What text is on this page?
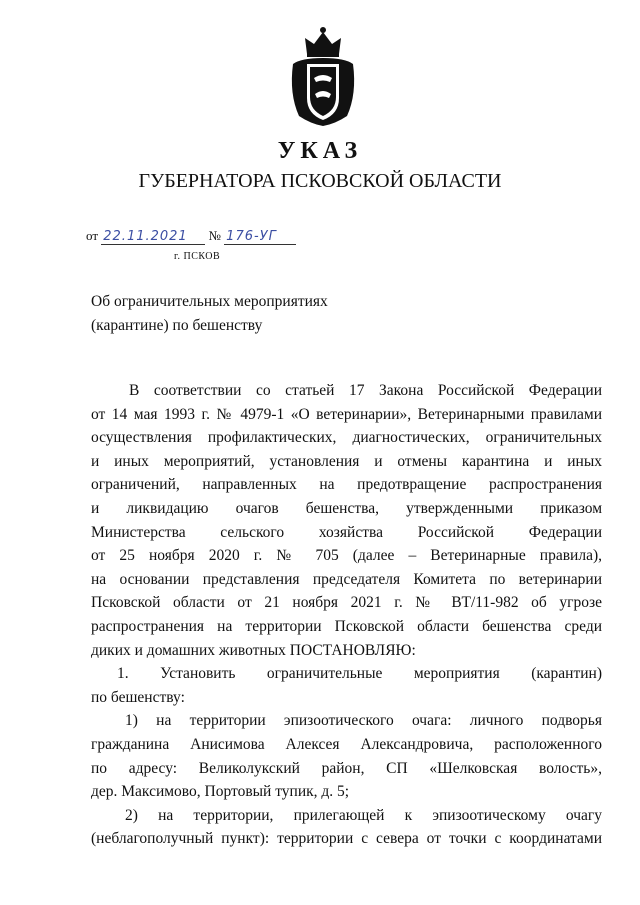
УКАЗ
ГУБЕРНАТОРА ПСКОВСКОЙ ОБЛАСТИ
от 22.11.2021 № 176-УГ
г. ПСКОВ
Об ограничительных мероприятиях
(карантине) по бешенству
В соответствии со статьей 17 Закона Российской Федерации
от 14 мая 1993 г. № 4979-1 «О ветеринарии», Ветеринарными правилами
осуществления профилактических, диагностических, ограничительных
и иных мероприятий, установления и отмены карантина и иных
ограничений, направленных на предотвращение распространения
и ликвидацию очагов бешенства, утвержденными приказом
Министерства сельского хозяйства Российской Федерации
от 25 ноября 2020 г. № 705 (далее – Ветеринарные правила),
на основании представления председателя Комитета по ветеринарии
Псковской области от 21 ноября 2021 г. № ВТ/11-982 об угрозе
распространения на территории Псковской области бешенства среди
диких и домашних животных ПОСТАНОВЛЯЮ:
1. Установить ограничительные мероприятия (карантин)
по бешенству:
1) на территории эпизоотического очага: личного подворья
гражданина Анисимова Алексея Александровича, расположенного
по адресу: Великолукский район, СП «Шелковская волость»,
дер. Максимово, Портовый тупик, д. 5;
2) на территории, прилегающей к эпизоотическому очагу
(неблагополучный пункт): территории с севера от точки с координатами
